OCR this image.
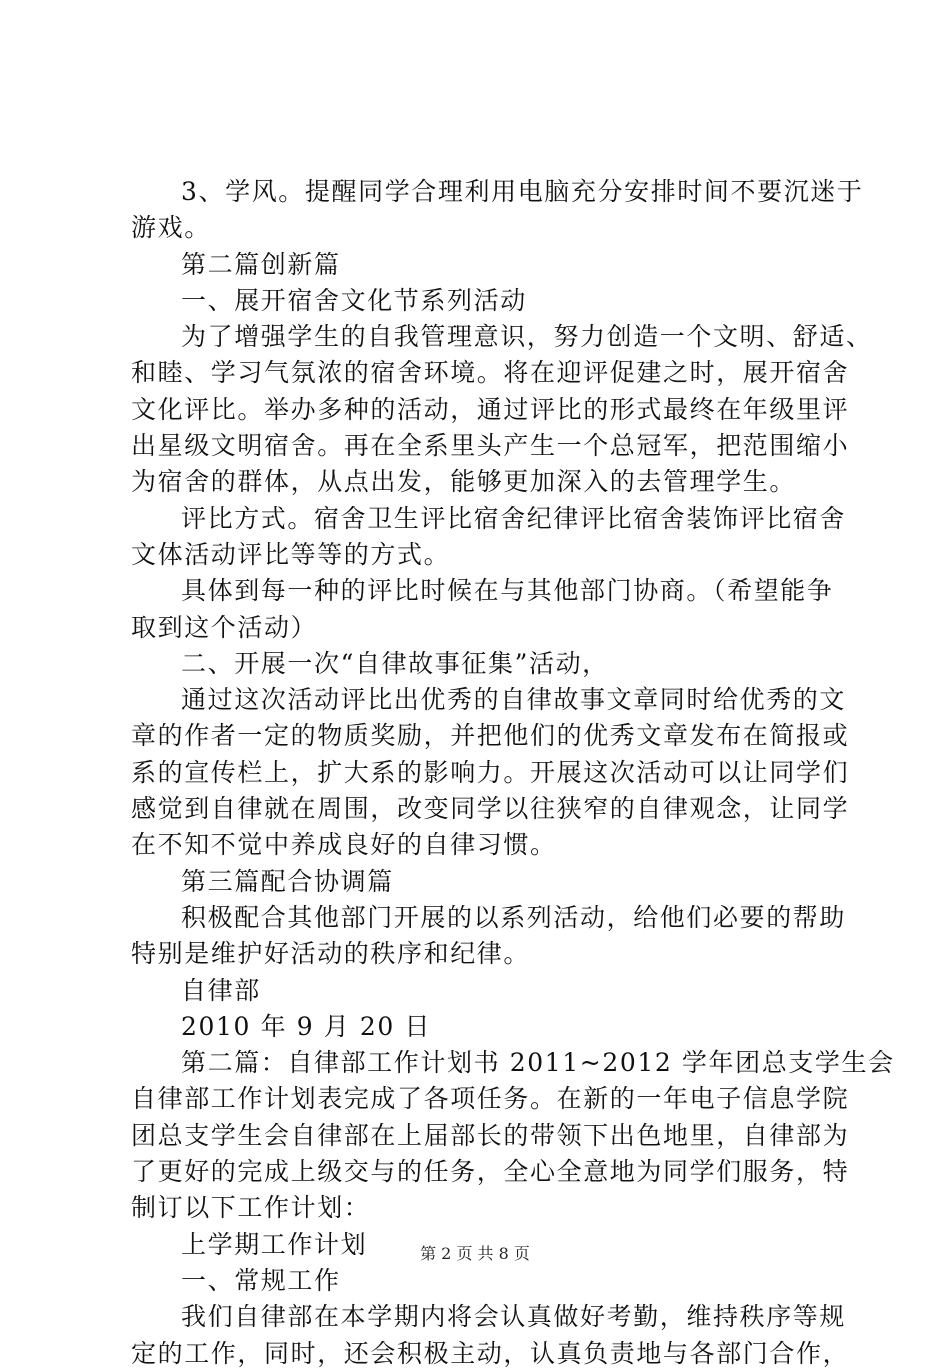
3、学风。提醒同学合理利用电脑充分安排时间不要沉迷于
游戏。
第二篇创新篇
一、展开宿舍文化节系列活动
为了增强学生的自我管理意识，努力创造一个文明、舒适、
和睦、学习气氛浓的宿舍环境。将在迎评促建之时，展开宿舍
文化评比。举办多种的活动，通过评比的形式最终在年级里评
出星级文明宿舍。再在全系里头产生一个总冠军，把范围缩小
为宿舍的群体，从点出发，能够更加深入的去管理学生。
评比方式。宿舍卫生评比宿舍纪律评比宿舍装饰评比宿舍
文体活动评比等等的方式。
具体到每一种的评比时候在与其他部门协商。（希望能争
取到这个活动）
二、开展一次“自律故事征集”活动，
通过这次活动评比出优秀的自律故事文章同时给优秀的文
章的作者一定的物质奖励，并把他们的优秀文章发布在简报或
系的宣传栏上，扩大系的影响力。开展这次活动可以让同学们
感觉到自律就在周围，改变同学以往狭窄的自律观念，让同学
在不知不觉中养成良好的自律习惯。
第三篇配合协调篇
积极配合其他部门开展的以系列活动，给他们必要的帮助
特别是维护好活动的秩序和纪律。
自律部
2010 年 9 月 20 日
第二篇：自律部工作计划书 2011~2012 学年团总支学生会
自律部工作计划表完成了各项任务。在新的一年电子信息学院
团总支学生会自律部在上届部长的带领下出色地里，自律部为
了更好的完成上级交与的任务，全心全意地为同学们服务，特
制订以下工作计划：
上学期工作计划
一、常规工作
我们自律部在本学期内将会认真做好考勤，维持秩序等规
定的工作，同时，还会积极主动，认真负责地与各部门合作，
第 2 页 共 8 页
